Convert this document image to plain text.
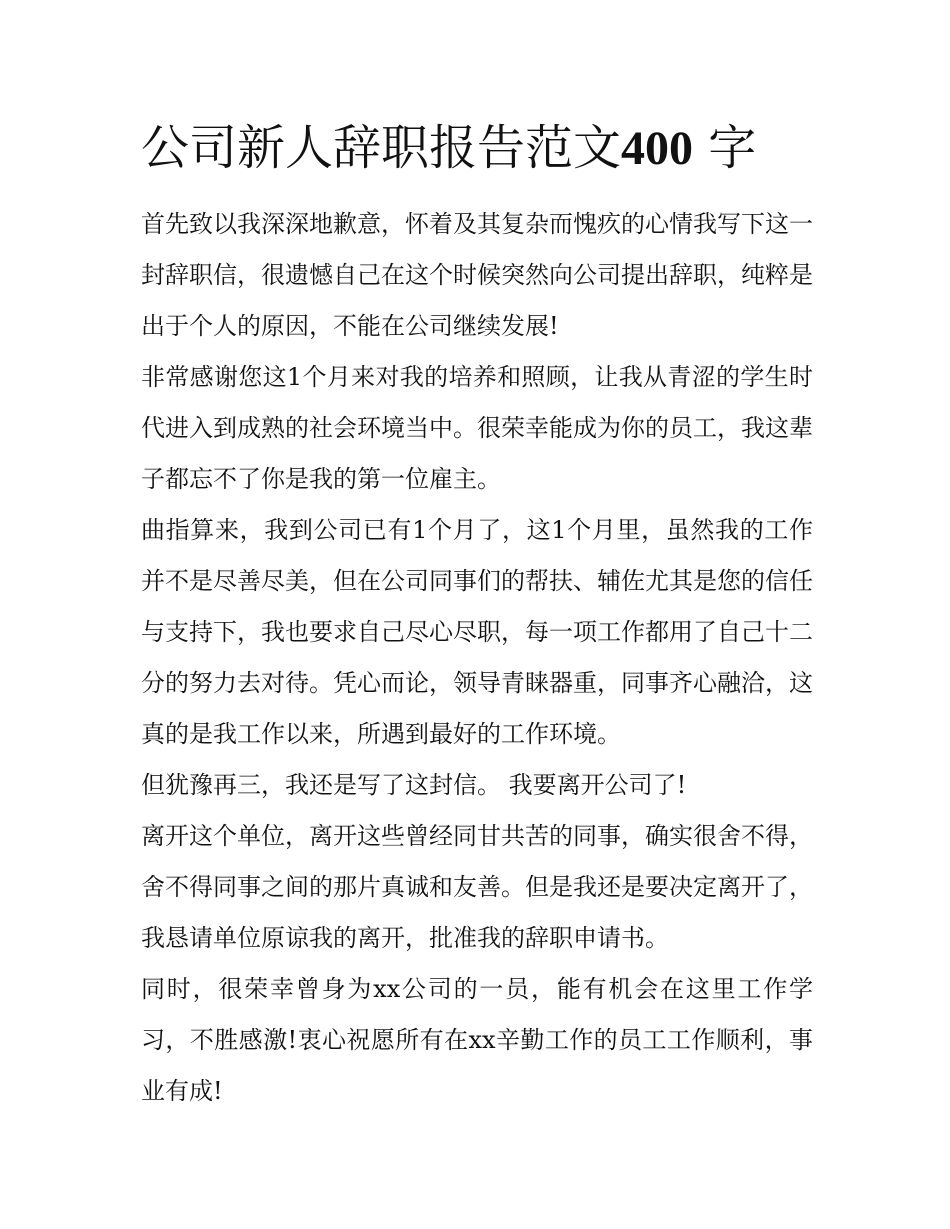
公司新人辞职报告范文400 字

首先致以我深深地歉意，怀着及其复杂而愧疚的心情我写下这一封辞职信，很遗憾自己在这个时候突然向公司提出辞职，纯粹是出于个人的原因，不能在公司继续发展!

非常感谢您这1个月来对我的培养和照顾，让我从青涩的学生时代进入到成熟的社会环境当中。很荣幸能成为你的员工，我这辈子都忘不了你是我的第一位雇主。

曲指算来，我到公司已有1个月了，这1个月里，虽然我的工作并不是尽善尽美，但在公司同事们的帮扶、辅佐尤其是您的信任与支持下，我也要求自己尽心尽职，每一项工作都用了自己十二分的努力去对待。凭心而论，领导青睐器重，同事齐心融洽，这真的是我工作以来，所遇到最好的工作环境。

但犹豫再三，我还是写了这封信。 我要离开公司了!

离开这个单位，离开这些曾经同甘共苦的同事，确实很舍不得，舍不得同事之间的那片真诚和友善。但是我还是要决定离开了，我恳请单位原谅我的离开，批准我的辞职申请书。

同时，很荣幸曾身为xx公司的一员，能有机会在这里工作学习，不胜感激!衷心祝愿所有在xx辛勤工作的员工工作顺利，事业有成!
